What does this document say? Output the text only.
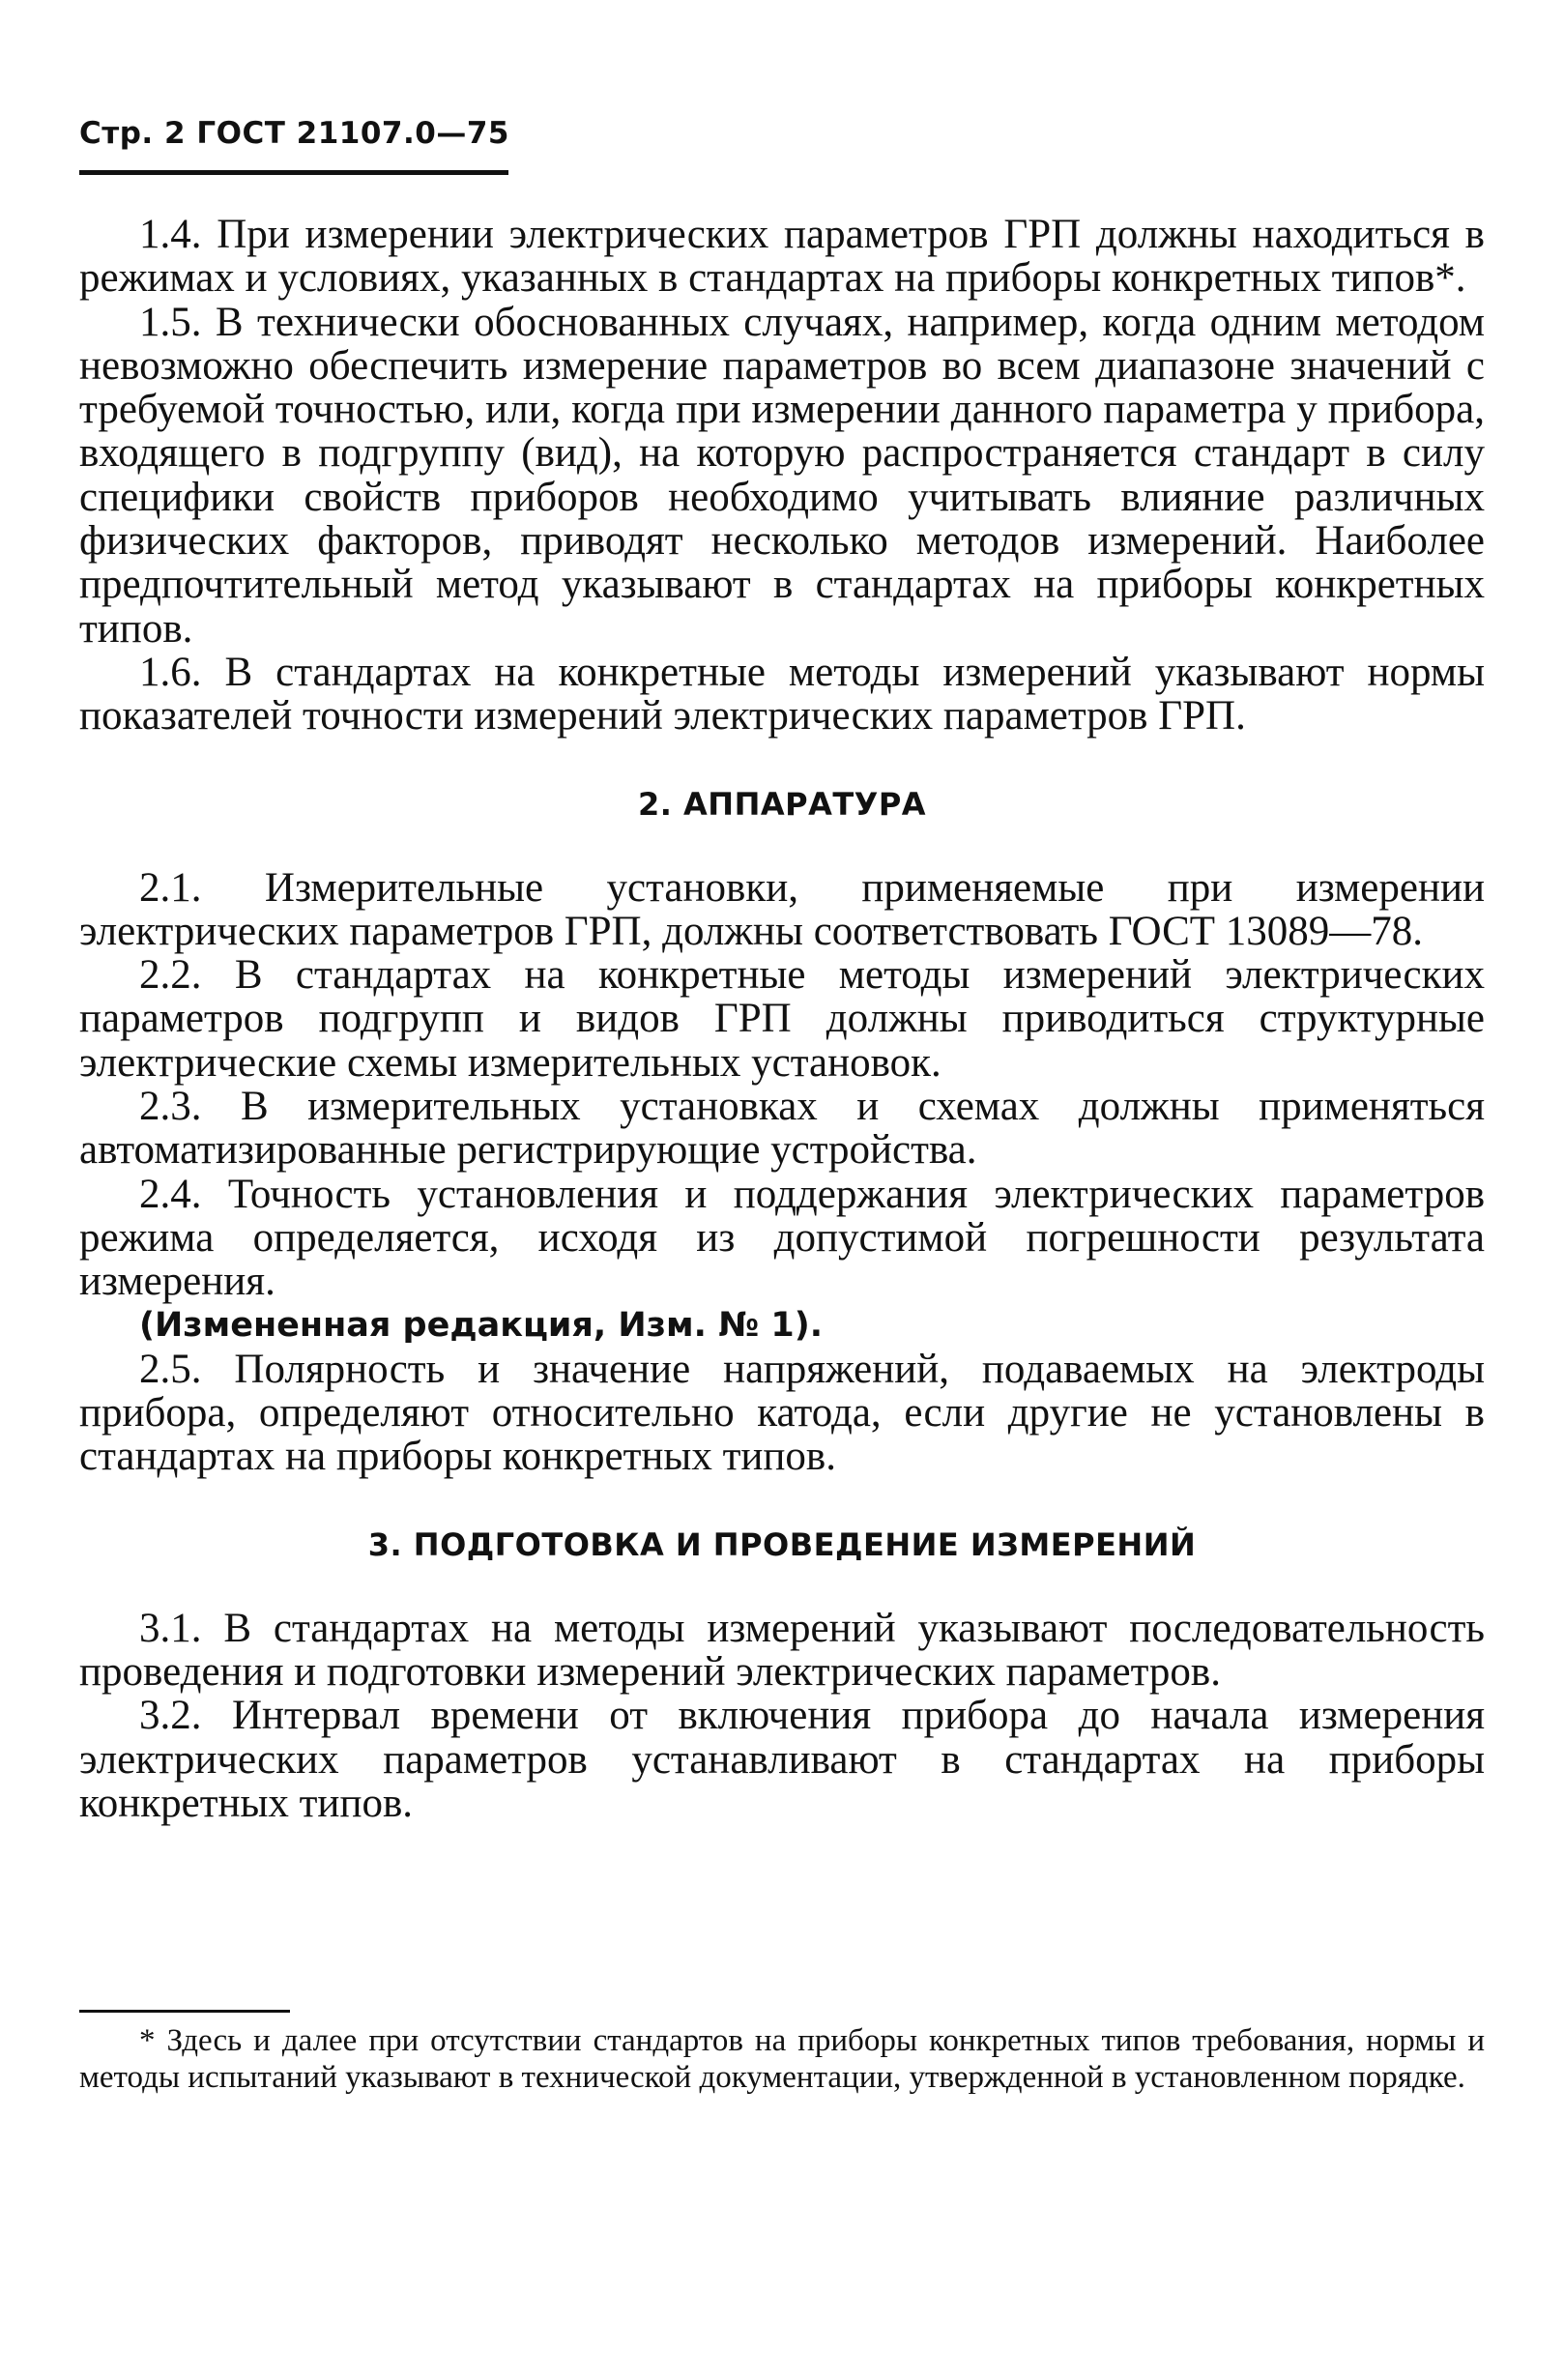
Стр. 2 ГОСТ 21107.0—75

1.4. При измерении электрических параметров ГРП должны находиться в режимах и условиях, указанных в стандартах на приборы конкретных типов*.

1.5. В технически обоснованных случаях, например, когда одним методом невозможно обеспечить измерение параметров во всем диапазоне значений с требуемой точностью, или, когда при измерении данного параметра у прибора, входящего в подгруппу (вид), на которую распространяется стандарт в силу специфики свойств приборов необходимо учитывать влияние различных физических факторов, приводят несколько методов измерений. Наиболее предпочтительный метод указывают в стандартах на приборы конкретных типов.

1.6. В стандартах на конкретные методы измерений указывают нормы показателей точности измерений электрических параметров ГРП.

2. АППАРАТУРА

2.1. Измерительные установки, применяемые при измерении электрических параметров ГРП, должны соответствовать ГОСТ 13089—78.

2.2. В стандартах на конкретные методы измерений электрических параметров подгрупп и видов ГРП должны приводиться структурные электрические схемы измерительных установок.

2.3. В измерительных установках и схемах должны применяться автоматизированные регистрирующие устройства.

2.4. Точность установления и поддержания электрических параметров режима определяется, исходя из допустимой погрешности результата измерения.

(Измененная редакция, Изм. № 1).

2.5. Полярность и значение напряжений, подаваемых на электроды прибора, определяют относительно катода, если другие не установлены в стандартах на приборы конкретных типов.

3. ПОДГОТОВКА И ПРОВЕДЕНИЕ ИЗМЕРЕНИЙ

3.1. В стандартах на методы измерений указывают последовательность проведения и подготовки измерений электрических параметров.

3.2. Интервал времени от включения прибора до начала измерения электрических параметров устанавливают в стандартах на приборы конкретных типов.

* Здесь и далее при отсутствии стандартов на приборы конкретных типов требования, нормы и методы испытаний указывают в технической документации, утвержденной в установленном порядке.
